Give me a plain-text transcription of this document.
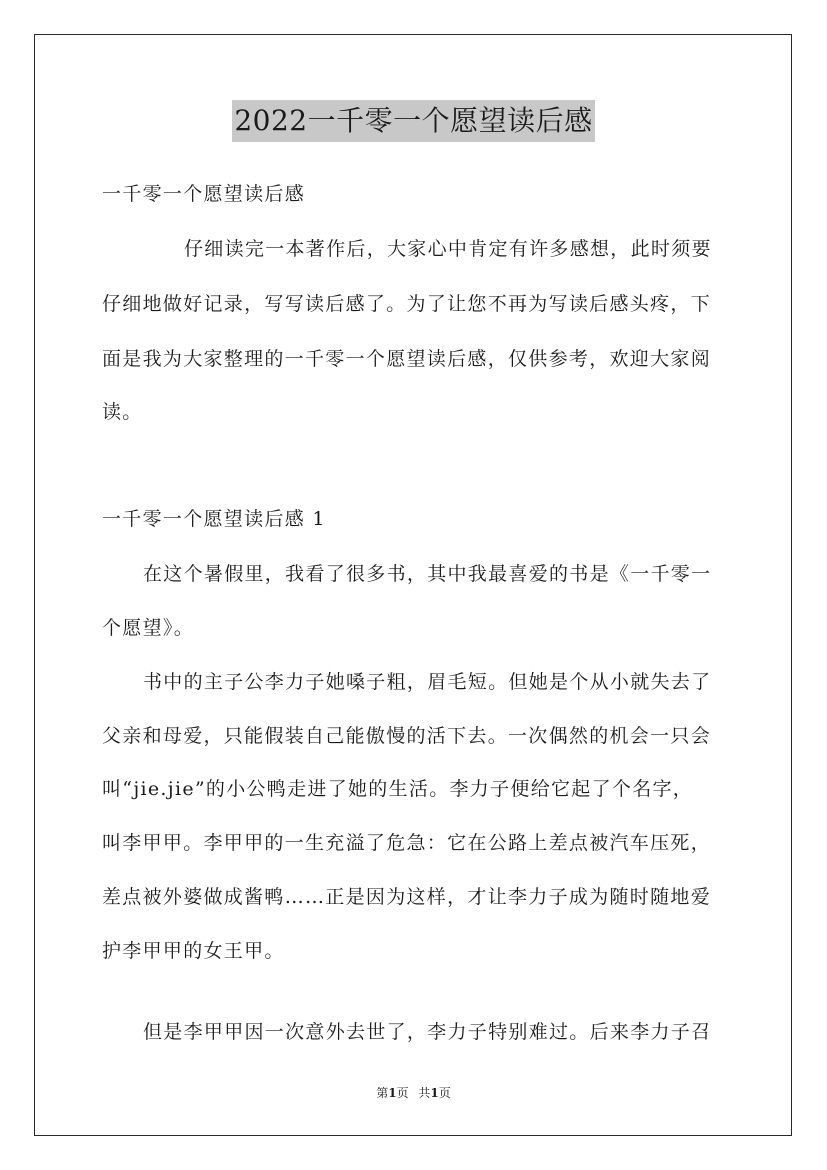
2022一千零一个愿望读后感
一千零一个愿望读后感
仔细读完一本著作后，大家心中肯定有许多感想，此时须要
仔细地做好记录，写写读后感了。为了让您不再为写读后感头疼，下
面是我为大家整理的一千零一个愿望读后感，仅供参考，欢迎大家阅
读。
一千零一个愿望读后感 1
在这个暑假里，我看了很多书，其中我最喜爱的书是《一千零一
个愿望》。
书中的主子公李力子她嗓子粗，眉毛短。但她是个从小就失去了
父亲和母爱，只能假装自己能傲慢的活下去。一次偶然的机会一只会
叫“jie.jie”的小公鸭走进了她的生活。李力子便给它起了个名字，
叫李甲甲。李甲甲的一生充溢了危急：它在公路上差点被汽车压死，
差点被外婆做成酱鸭……正是因为这样，才让李力子成为随时随地爱
护李甲甲的女王甲。
但是李甲甲因一次意外去世了，李力子特别难过。后来李力子召
第1页 共1页
